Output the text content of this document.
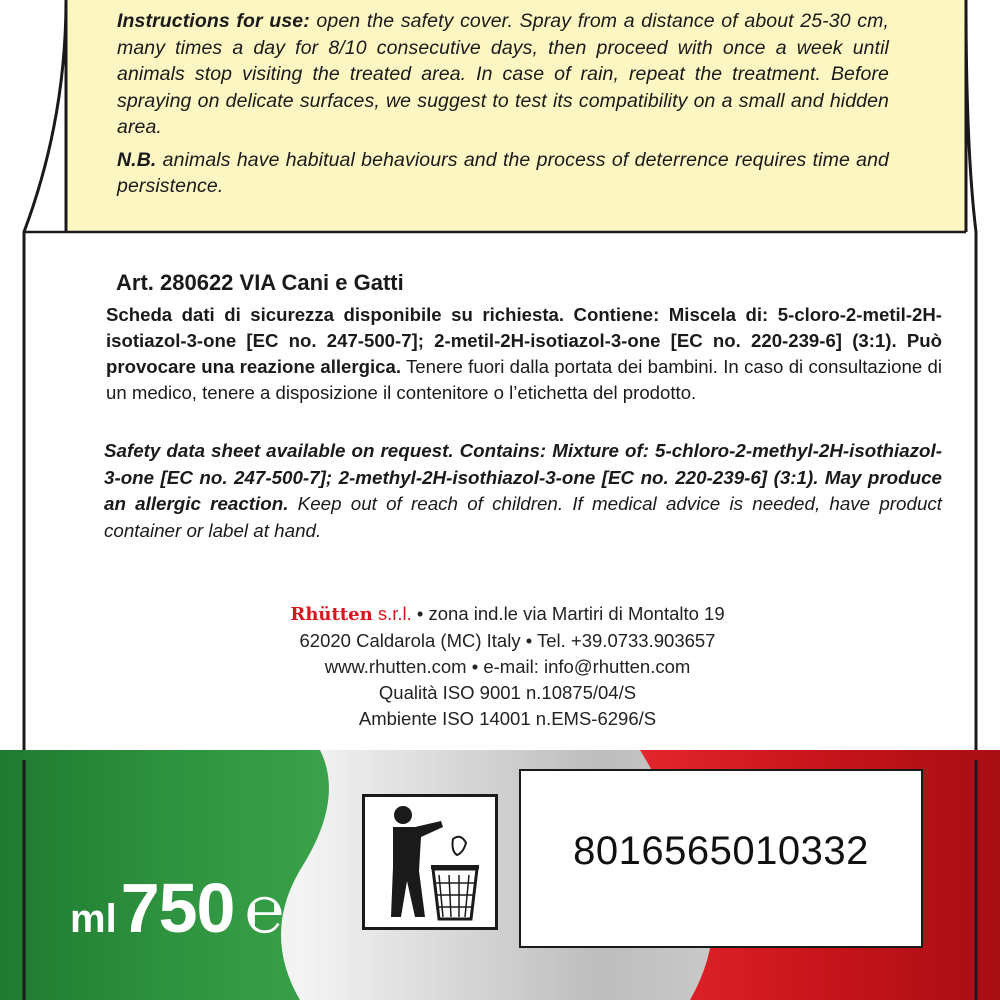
Instructions for use: open the safety cover. Spray from a distance of about 25-30 cm, many times a day for 8/10 consecutive days, then proceed with once a week until animals stop visiting the treated area. In case of rain, repeat the treatment. Before spraying on delicate surfaces, we suggest to test its compatibility on a small and hidden area.

N.B. animals have habitual behaviours and the process of deterrence requires time and persistence.

Art. 280622 VIA Cani e Gatti

Scheda dati di sicurezza disponibile su richiesta. Contiene: Miscela di: 5-cloro-2-metil-2H-isotiazol-3-one [EC no. 247-500-7]; 2-metil-2H-isotiazol-3-one [EC no. 220-239-6] (3:1). Può provocare una reazione allergica. Tenere fuori dalla portata dei bambini. In caso di consultazione di un medico, tenere a disposizione il contenitore o l’etichetta del prodotto.

Safety data sheet available on request. Contains: Mixture of: 5-chloro-2-methyl-2H-isothiazol-3-one [EC no. 247-500-7]; 2-methyl-2H-isothiazol-3-one [EC no. 220-239-6] (3:1). May produce an allergic reaction. Keep out of reach of children. If medical advice is needed, have product container or label at hand.

Rhütten s.r.l. • zona ind.le via Martiri di Montalto 19
62020 Caldarola (MC) Italy • Tel. +39.0733.903657
www.rhutten.com • e-mail: info@rhutten.com
Qualità ISO 9001 n.10875/04/S
Ambiente ISO 14001 n.EMS-6296/S
ml750 ℮
8016565010332
